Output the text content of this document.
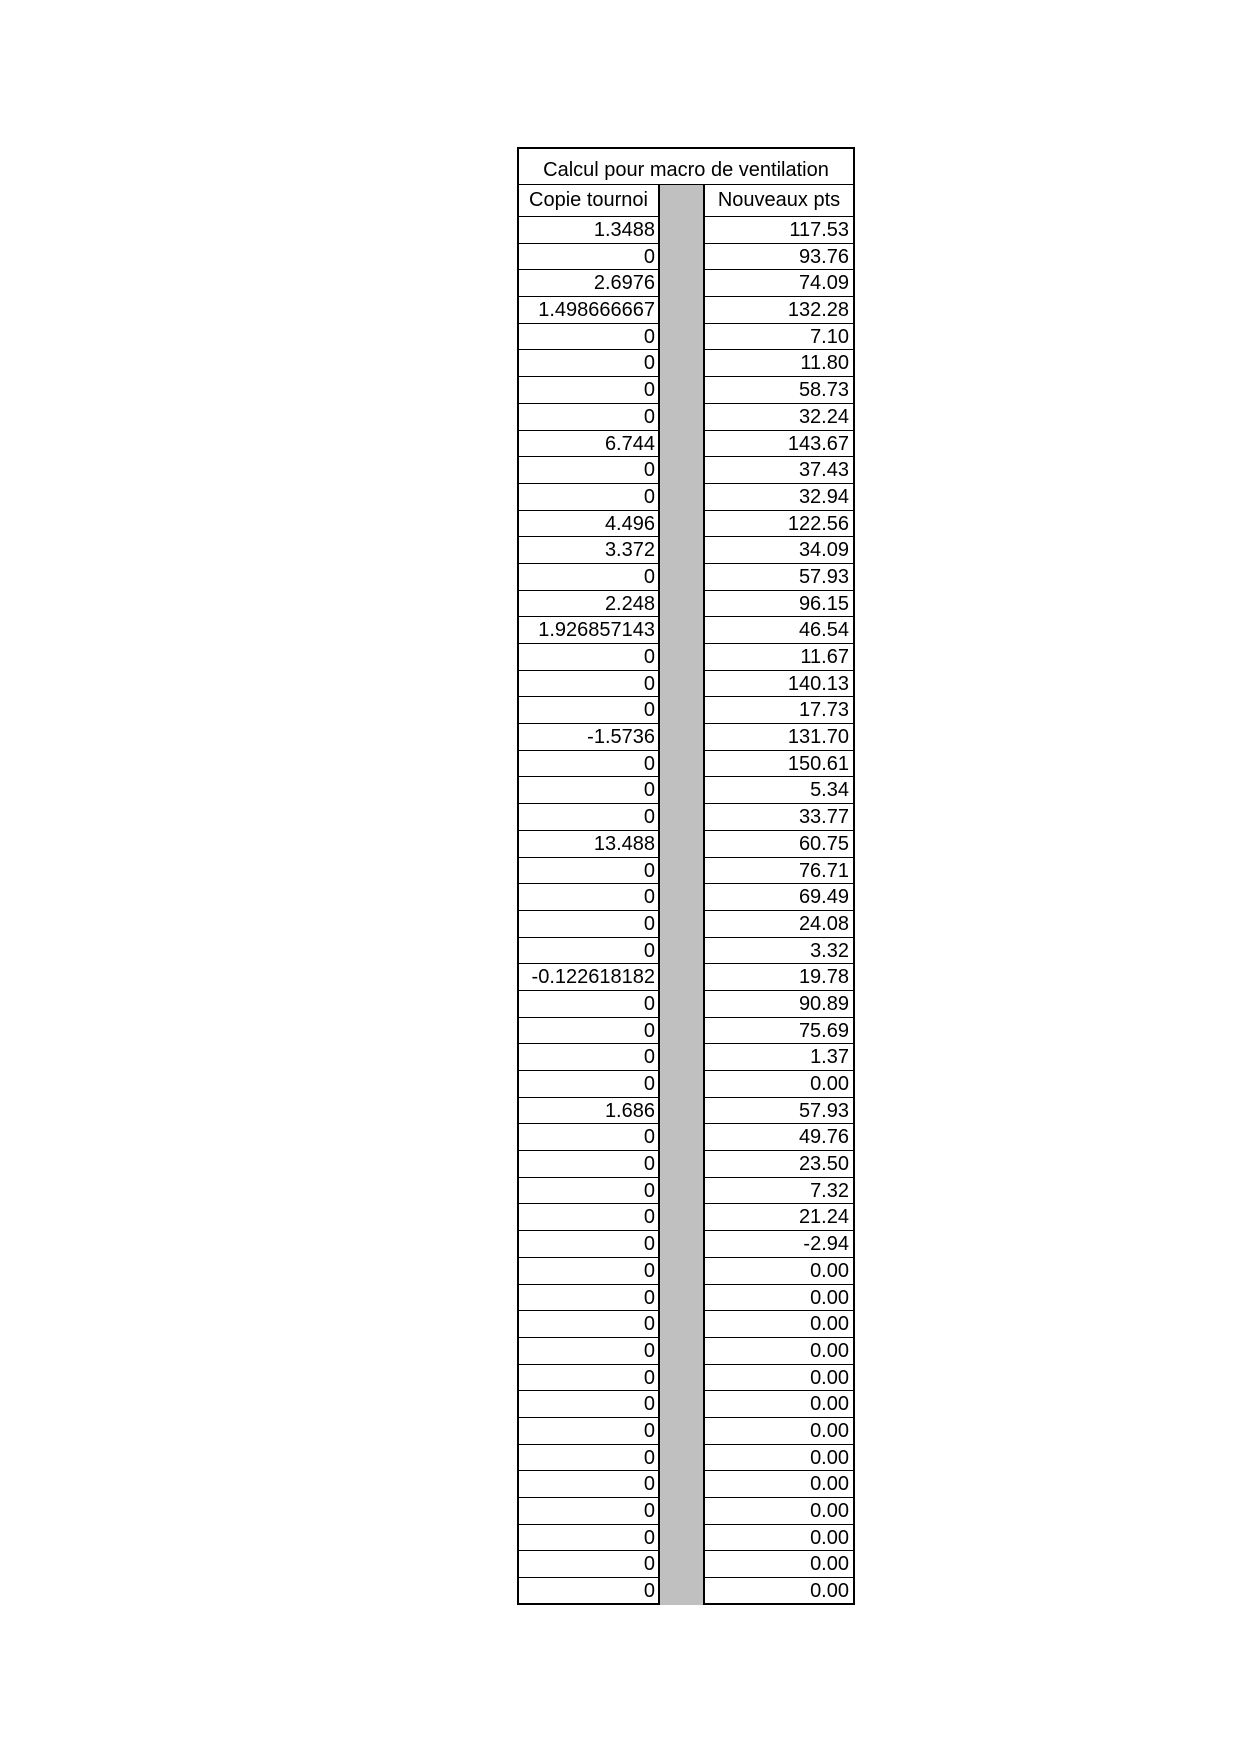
Calcul pour macro de ventilation
Copie tournoi	Nouveaux pts
1.3488	117.53
0	93.76
2.6976	74.09
1.498666667	132.28
0	7.10
0	11.80
0	58.73
0	32.24
6.744	143.67
0	37.43
0	32.94
4.496	122.56
3.372	34.09
0	57.93
2.248	96.15
1.926857143	46.54
0	11.67
0	140.13
0	17.73
-1.5736	131.70
0	150.61
0	5.34
0	33.77
13.488	60.75
0	76.71
0	69.49
0	24.08
0	3.32
-0.122618182	19.78
0	90.89
0	75.69
0	1.37
0	0.00
1.686	57.93
0	49.76
0	23.50
0	7.32
0	21.24
0	-2.94
0	0.00
0	0.00
0	0.00
0	0.00
0	0.00
0	0.00
0	0.00
0	0.00
0	0.00
0	0.00
0	0.00
0	0.00
0	0.00
